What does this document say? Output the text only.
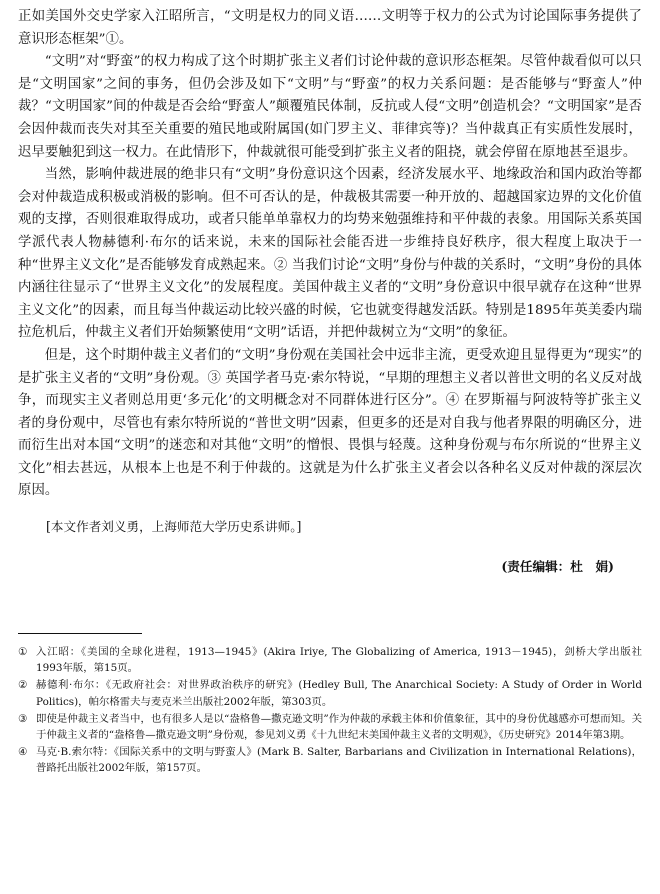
正如美国外交史学家入江昭所言，“文明是权力的同义语……文明等于权力的公式为讨论国际事务提供了意识形态框架”①。

“文明”对“野蛮”的权力构成了这个时期扩张主义者们讨论仲裁的意识形态框架。尽管仲裁看似可以只是“文明国家”之间的事务，但仍会涉及如下“文明”与“野蛮”的权力关系问题：是否能够与“野蛮人”仲裁？“文明国家”间的仲裁是否会给“野蛮人”颠覆殖民体制，反抗或人侵“文明”创造机会？“文明国家”是否会因仲裁而丧失对其至关重要的殖民地或附属国(如门罗主义、菲律宾等)？当仲裁真正有实质性发展时，迟早要触犯到这一权力。在此情形下，仲裁就很可能受到扩张主义者的阻挠，就会停留在原地甚至退步。

当然，影响仲裁进展的绝非只有“文明”身份意识这个因素，经济发展水平、地缘政治和国内政治等都会对仲裁造成积极或消极的影响。但不可否认的是，仲裁极其需要一种开放的、超越国家边界的文化价值观的支撑，否则很难取得成功，或者只能单单靠权力的均势来勉强维持和平仲裁的表象。用国际关系英国学派代表人物赫德利·布尔的话来说，未来的国际社会能否进一步维持良好秩序，很大程度上取决于一种“世界主义文化”是否能够发育成熟起来。② 当我们讨论“文明”身份与仲裁的关系时，“文明”身份的具体内涵往往显示了“世界主义文化”的发展程度。美国仲裁主义者的“文明”身份意识中很早就存在这种“世界主义文化”的因素，而且每当仲裁运动比较兴盛的时候，它也就变得越发活跃。特别是1895年英美委内瑞拉危机后，仲裁主义者们开始频繁使用“文明”话语，并把仲裁树立为“文明”的象征。

但是，这个时期仲裁主义者们的“文明”身份观在美国社会中远非主流，更受欢迎且显得更为“现实”的是扩张主义者的“文明”身份观。③ 英国学者马克·索尔特说，“早期的理想主义者以普世文明的名义反对战争，而现实主义者则总用更‘多元化’的文明概念对不同群体进行区分”。④ 在罗斯福与阿波特等扩张主义者的身份观中，尽管也有索尔特所说的“普世文明”因素，但更多的还是对自我与他者界限的明确区分，进而衍生出对本国“文明”的迷恋和对其他“文明”的憎恨、畏惧与轻蔑。这种身份观与布尔所说的“世界主义文化”相去甚远，从根本上也是不利于仲裁的。这就是为什么扩张主义者会以各种名义反对仲裁的深层次原因。

[本文作者刘义勇，上海师范大学历史系讲师。]
(责任编辑：杜　娟)
① 入江昭：《美国的全球化进程，1913—1945》(Akira Iriye, The Globalizing of America, 1913－1945)，剑桥大学出版社1993年版，第15页。
② 赫德利·布尔：《无政府社会：对世界政治秩序的研究》(Hedley Bull, The Anarchical Society: A Study of Order in World Politics)，帕尔格雷夫与麦克米兰出版社2002年版，第303页。
③ 即使是仲裁主义者当中，也有很多人是以“盎格鲁—撒克逊文明”作为仲裁的承载主体和价值象征，其中的身份优越感亦可想而知。关于仲裁主义者的“盎格鲁—撒克逊文明”身份观，参见刘义勇《十九世纪末美国仲裁主义者的文明观》，《历史研究》2014年第3期。
④ 马克·B.索尔特：《国际关系中的文明与野蛮人》(Mark B. Salter, Barbarians and Civilization in International Relations)，普路托出版社2002年版，第157页。
